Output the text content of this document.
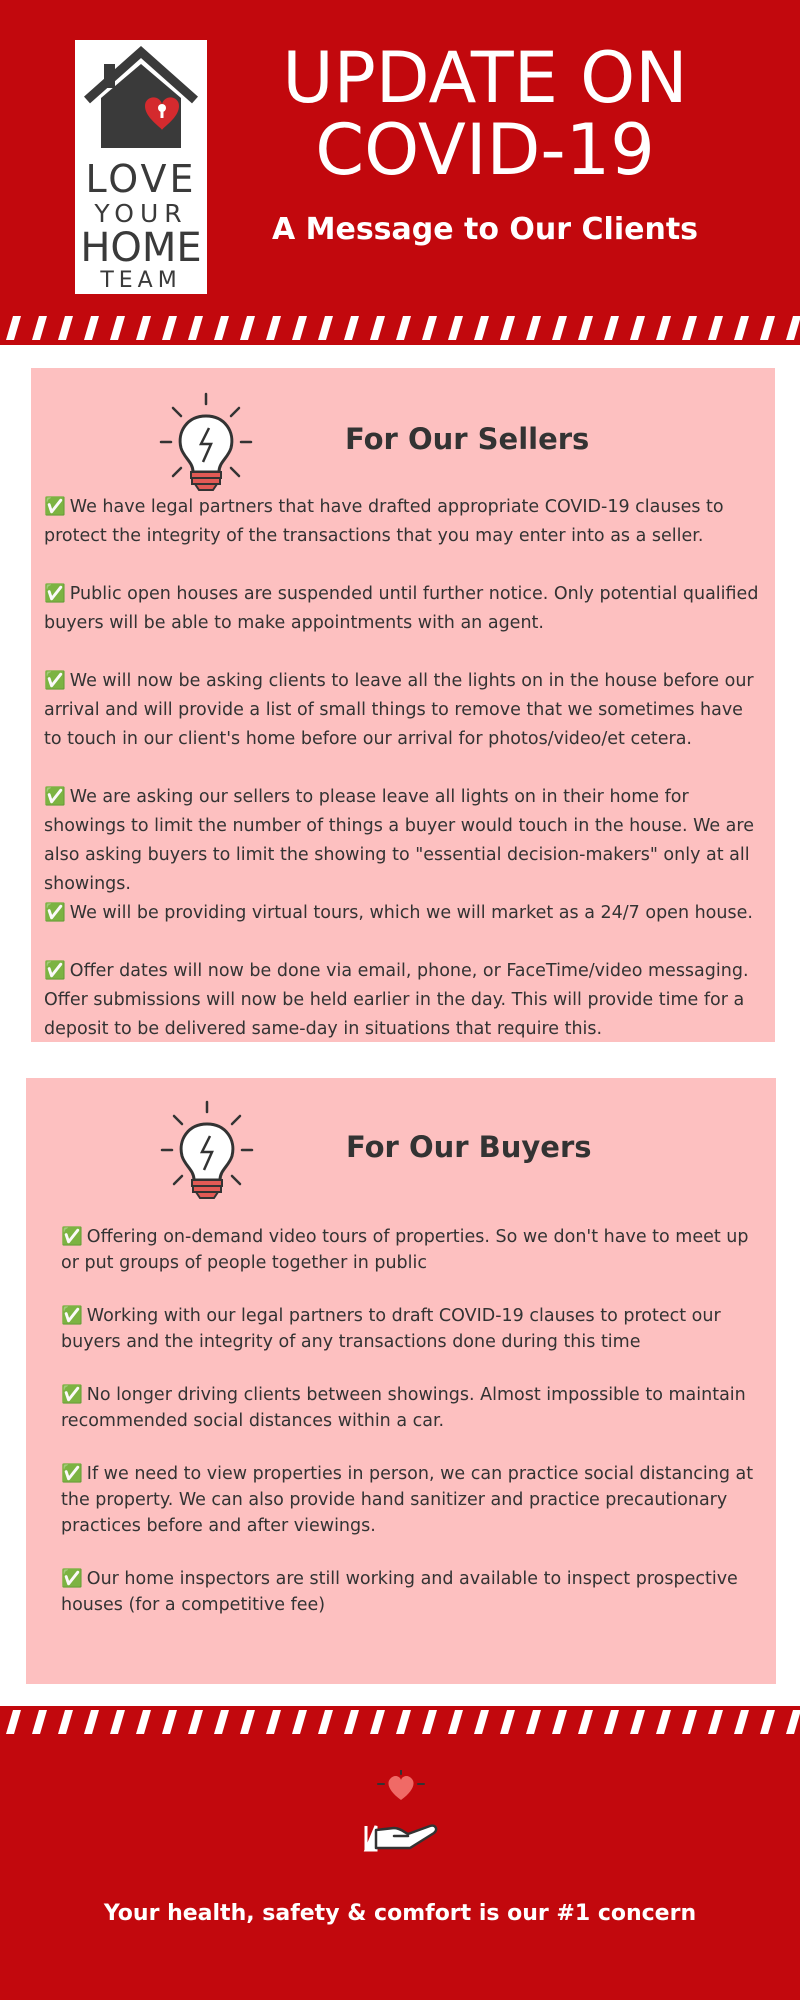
LOVE
YOUR
HOME
TEAM
UPDATE ON
COVID-19
A Message to Our Clients
For Our Sellers
✅ We have legal partners that have drafted appropriate COVID-19 clauses to protect the integrity of the transactions that you may enter into as a seller.
✅ Public open houses are suspended until further notice. Only potential qualified buyers will be able to make appointments with an agent.
✅ We will now be asking clients to leave all the lights on in the house before our arrival and will provide a list of small things to remove that we sometimes have to touch in our client's home before our arrival for photos/video/et cetera.
✅ We are asking our sellers to please leave all lights on in their home for showings to limit the number of things a buyer would touch in the house. We are also asking buyers to limit the showing to "essential decision-makers" only at all showings.
✅ We will be providing virtual tours, which we will market as a 24/7 open house.
✅ Offer dates will now be done via email, phone, or FaceTime/video messaging. Offer submissions will now be held earlier in the day. This will provide time for a deposit to be delivered same-day in situations that require this.
For Our Buyers
✅ Offering on-demand video tours of properties. So we don't have to meet up or put groups of people together in public
✅ Working with our legal partners to draft COVID-19 clauses to protect our buyers and the integrity of any transactions done during this time
✅ No longer driving clients between showings. Almost impossible to maintain recommended social distances within a car.
✅ If we need to view properties in person, we can practice social distancing at the property. We can also provide hand sanitizer and practice precautionary practices before and after viewings.
✅ Our home inspectors are still working and available to inspect prospective houses (for a competitive fee)
Your health, safety & comfort is our #1 concern
